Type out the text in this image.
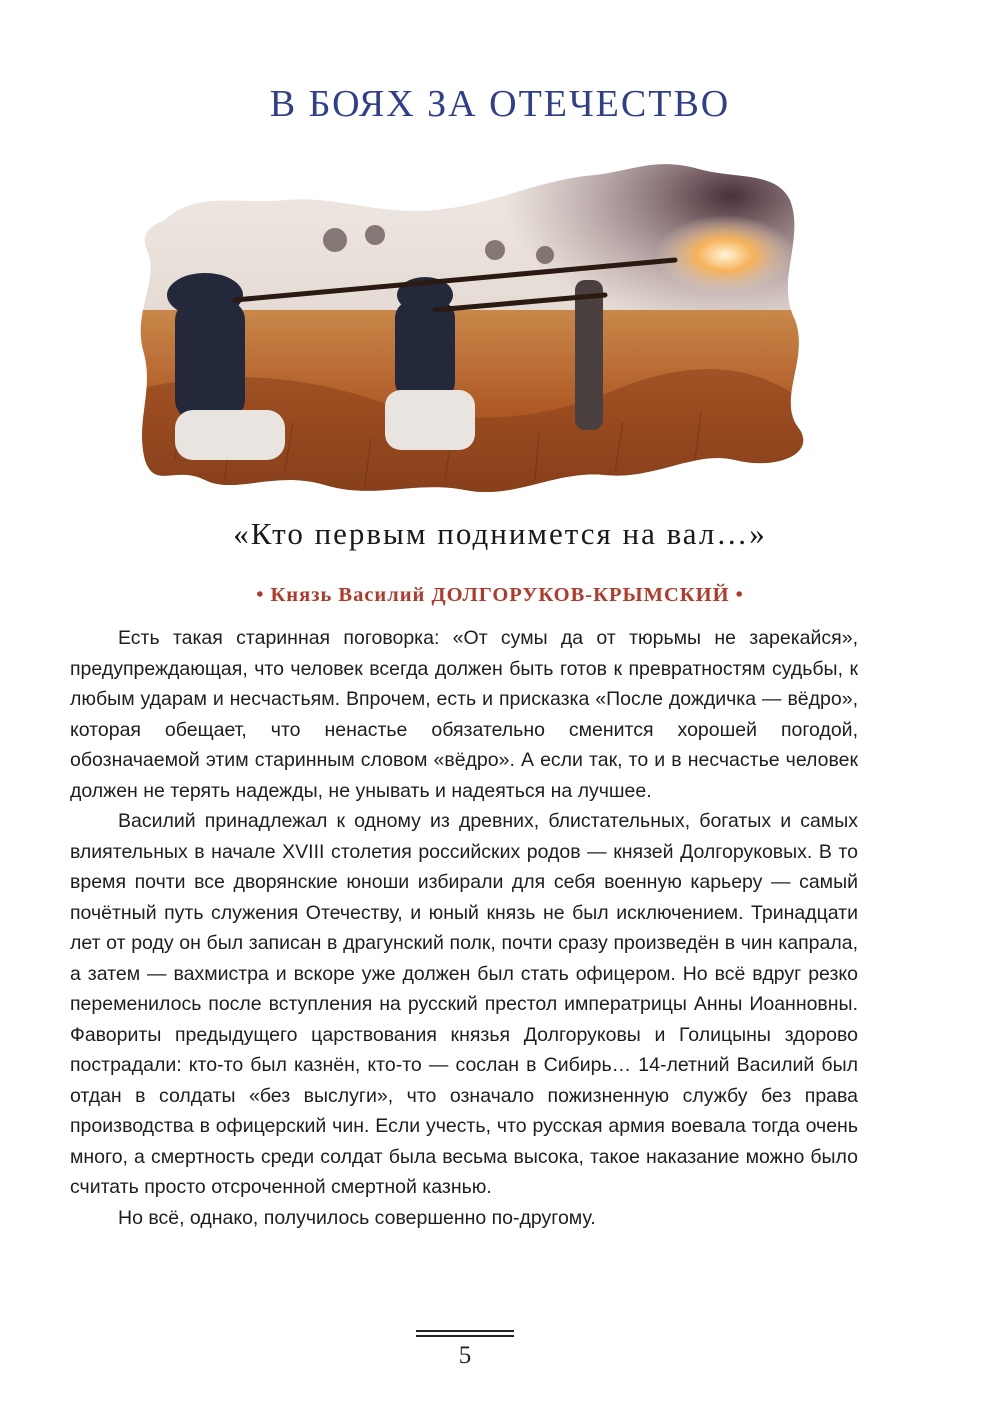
В БОЯХ ЗА ОТЕЧЕСТВО
«Кто первым поднимется на вал…»
• Князь Василий ДОЛГОРУКОВ-КРЫМСКИЙ •

Есть такая старинная поговорка: «От сумы да от тюрьмы не зарекайся», предупреждающая, что человек всегда должен быть готов к превратностям судьбы, к любым ударам и несчастьям. Впрочем, есть и присказка «После дождичка — вёдро», которая обещает, что ненастье обязательно сменится хорошей погодой, обозначаемой этим старинным словом «вёдро». А если так, то и в несчастье человек должен не терять надежды, не унывать и надеяться на лучшее.

Василий принадлежал к одному из древних, блистательных, богатых и самых влиятельных в начале XVIII столетия российских родов — князей Долгоруковых. В то время почти все дворянские юноши избирали для себя военную карьеру — самый почётный путь служения Отечеству, и юный князь не был исключением. Тринадцати лет от роду он был записан в драгунский полк, почти сразу произведён в чин капрала, а затем — вахмистра и вскоре уже должен был стать офицером. Но всё вдруг резко переменилось после вступления на русский престол императрицы Анны Иоанновны. Фавориты предыдущего царствования князья Долгоруковы и Голицыны здорово пострадали: кто-то был казнён, кто-то — сослан в Сибирь… 14-летний Василий был отдан в солдаты «без выслуги», что означало пожизненную службу без права производства в офицерский чин. Если учесть, что русская армия воевала тогда очень много, а смертность среди солдат была весьма высока, такое наказание можно было считать просто отсроченной смертной казнью.

Но всё, однако, получилось совершенно по-другому.

5
